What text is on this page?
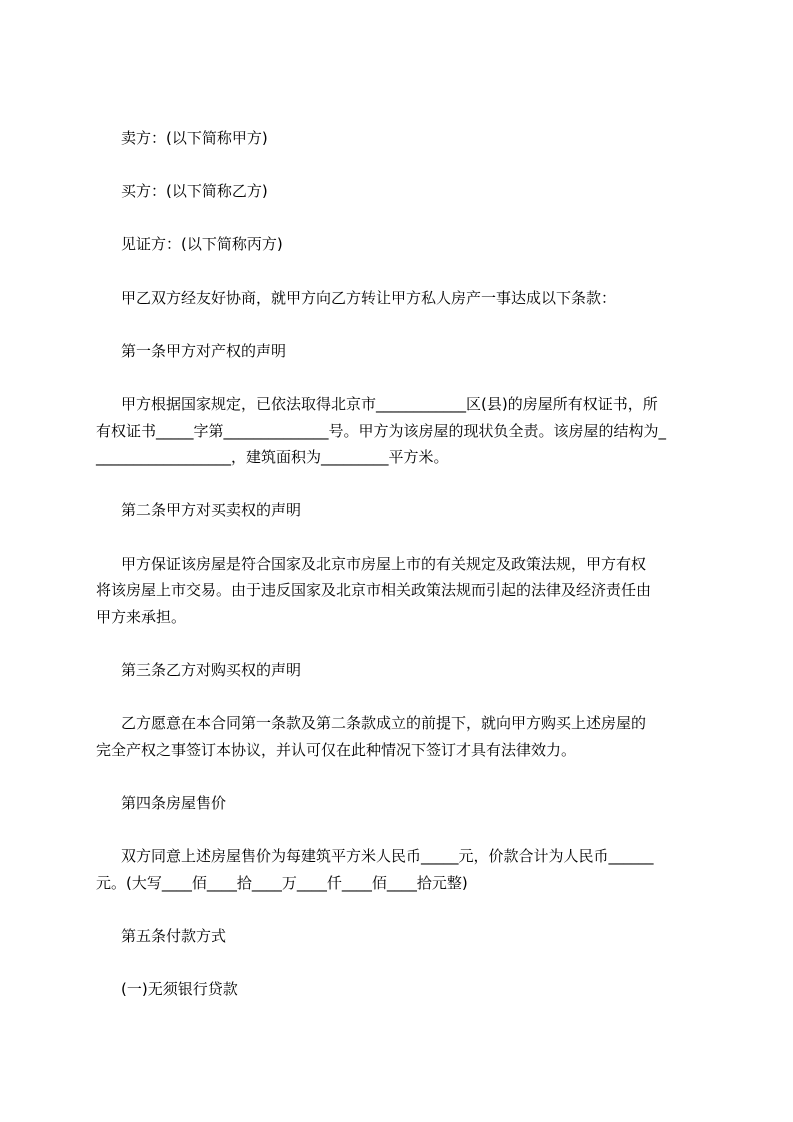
卖方：(以下简称甲方)
买方：(以下简称乙方)
见证方：(以下简称丙方)
甲乙双方经友好协商，就甲方向乙方转让甲方私人房产一事达成以下条款：
第一条甲方对产权的声明
甲方根据国家规定，已依法取得北京市____________区(县)的房屋所有权证书，所
有权证书_____字第______________号。甲方为该房屋的现状负全责。该房屋的结构为_
__________________，建筑面积为_________平方米。
第二条甲方对买卖权的声明
甲方保证该房屋是符合国家及北京市房屋上市的有关规定及政策法规，甲方有权
将该房屋上市交易。由于违反国家及北京市相关政策法规而引起的法律及经济责任由
甲方来承担。
第三条乙方对购买权的声明
乙方愿意在本合同第一条款及第二条款成立的前提下，就向甲方购买上述房屋的
完全产权之事签订本协议，并认可仅在此种情况下签订才具有法律效力。
第四条房屋售价
双方同意上述房屋售价为每建筑平方米人民币_____元，价款合计为人民币______
元。(大写____佰____拾____万____仟____佰____拾元整)
第五条付款方式
(一)无须银行贷款
